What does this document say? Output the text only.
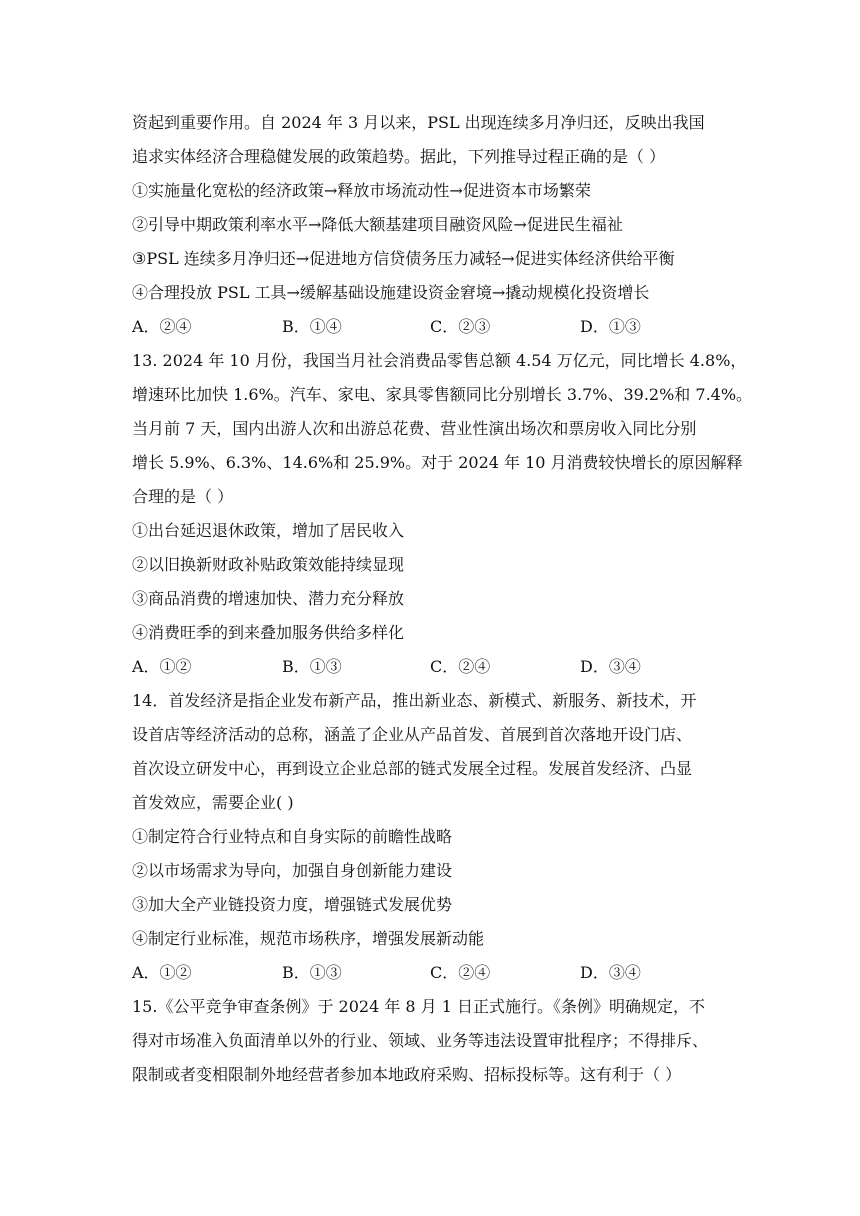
资起到重要作用。自 2024 年 3 月以来，PSL 出现连续多月净归还，反映出我国
追求实体经济合理稳健发展的政策趋势。据此，下列推导过程正确的是（ ）
①实施量化宽松的经济政策→释放市场流动性→促进资本市场繁荣
②引导中期政策利率水平→降低大额基建项目融资风险→促进民生福祉
③PSL 连续多月净归还→促进地方信贷债务压力减轻→促进实体经济供给平衡
④合理投放 PSL 工具→缓解基础设施建设资金窘境→撬动规模化投资增长
A．②④	B．①④	C．②③	D．①③
13. 2024 年 10 月份，我国当月社会消费品零售总额 4.54 万亿元，同比增长 4.8%，
增速环比加快 1.6%。汽车、家电、家具零售额同比分别增长 3.7%、39.2%和 7.4%。
当月前 7 天，国内出游人次和出游总花费、营业性演出场次和票房收入同比分别
增长 5.9%、6.3%、14.6%和 25.9%。对于 2024 年 10 月消费较快增长的原因解释
合理的是（ ）
①出台延迟退休政策，增加了居民收入
②以旧换新财政补贴政策效能持续显现
③商品消费的增速加快、潜力充分释放
④消费旺季的到来叠加服务供给多样化
A．①②	B．①③	C．②④	D．③④
14．首发经济是指企业发布新产品，推出新业态、新模式、新服务、新技术，开
设首店等经济活动的总称，涵盖了企业从产品首发、首展到首次落地开设门店、
首次设立研发中心，再到设立企业总部的链式发展全过程。发展首发经济、凸显
首发效应，需要企业( )
①制定符合行业特点和自身实际的前瞻性战略
②以市场需求为导向，加强自身创新能力建设
③加大全产业链投资力度，增强链式发展优势
④制定行业标准，规范市场秩序，增强发展新动能
A．①②	B．①③	C．②④	D．③④
15.《公平竞争审查条例》于 2024 年 8 月 1 日正式施行。《条例》明确规定，不
得对市场准入负面清单以外的行业、领域、业务等违法设置审批程序；不得排斥、
限制或者变相限制外地经营者参加本地政府采购、招标投标等。这有利于（ ）
